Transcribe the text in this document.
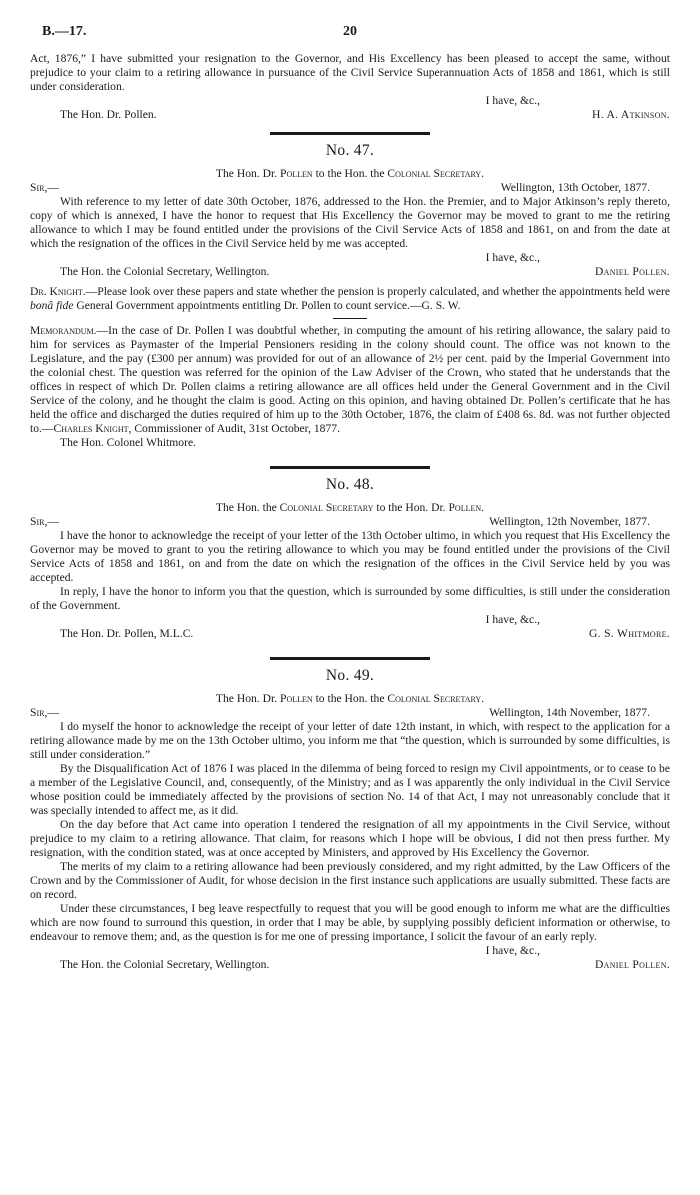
B.—17.	20

Act, 1876,” I have submitted your resignation to the Governor, and His Excellency has been pleased to accept the same, without prejudice to your claim to a retiring allowance in pursuance of the Civil Service Superannuation Acts of 1858 and 1861, which is still under consideration.

I have, &c.,
The Hon. Dr. Pollen.	H. A. Atkinson.
No. 47.
The Hon. Dr. Pollen to the Hon. the Colonial Secretary.
Sir,—	Wellington, 13th October, 1877.

With reference to my letter of date 30th October, 1876, addressed to the Hon. the Premier, and to Major Atkinson’s reply thereto, copy of which is annexed, I have the honor to request that His Excellency the Governor may be moved to grant to me the retiring allowance to which I may be found entitled under the provisions of the Civil Service Acts of 1858 and 1861, on and from the date at which the resignation of the offices in the Civil Service held by me was accepted.

I have, &c.,
The Hon. the Colonial Secretary, Wellington.	Daniel Pollen.

Dr. Knight.—Please look over these papers and state whether the pension is properly calculated, and whether the appointments held were bonâ fide General Government appointments entitling Dr. Pollen to count service.—G. S. W.

Memorandum.—In the case of Dr. Pollen I was doubtful whether, in computing the amount of his retiring allowance, the salary paid to him for services as Paymaster of the Imperial Pensioners residing in the colony should count. The office was not known to the Legislature, and the pay (£300 per annum) was provided for out of an allowance of 2½ per cent. paid by the Imperial Government into the colonial chest. The question was referred for the opinion of the Law Adviser of the Crown, who stated that he understands that the offices in respect of which Dr. Pollen claims a retiring allowance are all offices held under the General Government and in the Civil Service of the colony, and he thought the claim is good. Acting on this opinion, and having obtained Dr. Pollen’s certificate that he has held the office and discharged the duties required of him up to the 30th October, 1876, the claim of £408 6s. 8d. was not further objected to.—Charles Knight, Commissioner of Audit, 31st October, 1877.

The Hon. Colonel Whitmore.
No. 48.
The Hon. the Colonial Secretary to the Hon. Dr. Pollen.
Sir,—	Wellington, 12th November, 1877.

I have the honor to acknowledge the receipt of your letter of the 13th October ultimo, in which you request that His Excellency the Governor may be moved to grant to you the retiring allowance to which you may be found entitled under the provisions of the Civil Service Acts of 1858 and 1861, on and from the date on which the resignation of the offices in the Civil Service held by you was accepted.

In reply, I have the honor to inform you that the question, which is surrounded by some difficulties, is still under the consideration of the Government.

I have, &c.,
The Hon. Dr. Pollen, M.L.C.	G. S. Whitmore.
No. 49.
The Hon. Dr. Pollen to the Hon. the Colonial Secretary.
Sir,—	Wellington, 14th November, 1877.

I do myself the honor to acknowledge the receipt of your letter of date 12th instant, in which, with respect to the application for a retiring allowance made by me on the 13th October ultimo, you inform me that “the question, which is surrounded by some difficulties, is still under consideration.”

By the Disqualification Act of 1876 I was placed in the dilemma of being forced to resign my Civil appointments, or to cease to be a member of the Legislative Council, and, consequently, of the Ministry; and as I was apparently the only individual in the Civil Service whose position could be immediately affected by the provisions of section No. 14 of that Act, I may not unreasonably conclude that it was specially intended to affect me, as it did.

On the day before that Act came into operation I tendered the resignation of all my appointments in the Civil Service, without prejudice to my claim to a retiring allowance. That claim, for reasons which I hope will be obvious, I did not then press further. My resignation, with the condition stated, was at once accepted by Ministers, and approved by His Excellency the Governor.

The merits of my claim to a retiring allowance had been previously considered, and my right admitted, by the Law Officers of the Crown and by the Commissioner of Audit, for whose decision in the first instance such applications are usually submitted. These facts are on record.

Under these circumstances, I beg leave respectfully to request that you will be good enough to inform me what are the difficulties which are now found to surround this question, in order that I may be able, by supplying possibly deficient information or otherwise, to endeavour to remove them; and, as the question is for me one of pressing importance, I solicit the favour of an early reply.

I have, &c.,
The Hon. the Colonial Secretary, Wellington.	Daniel Pollen.
